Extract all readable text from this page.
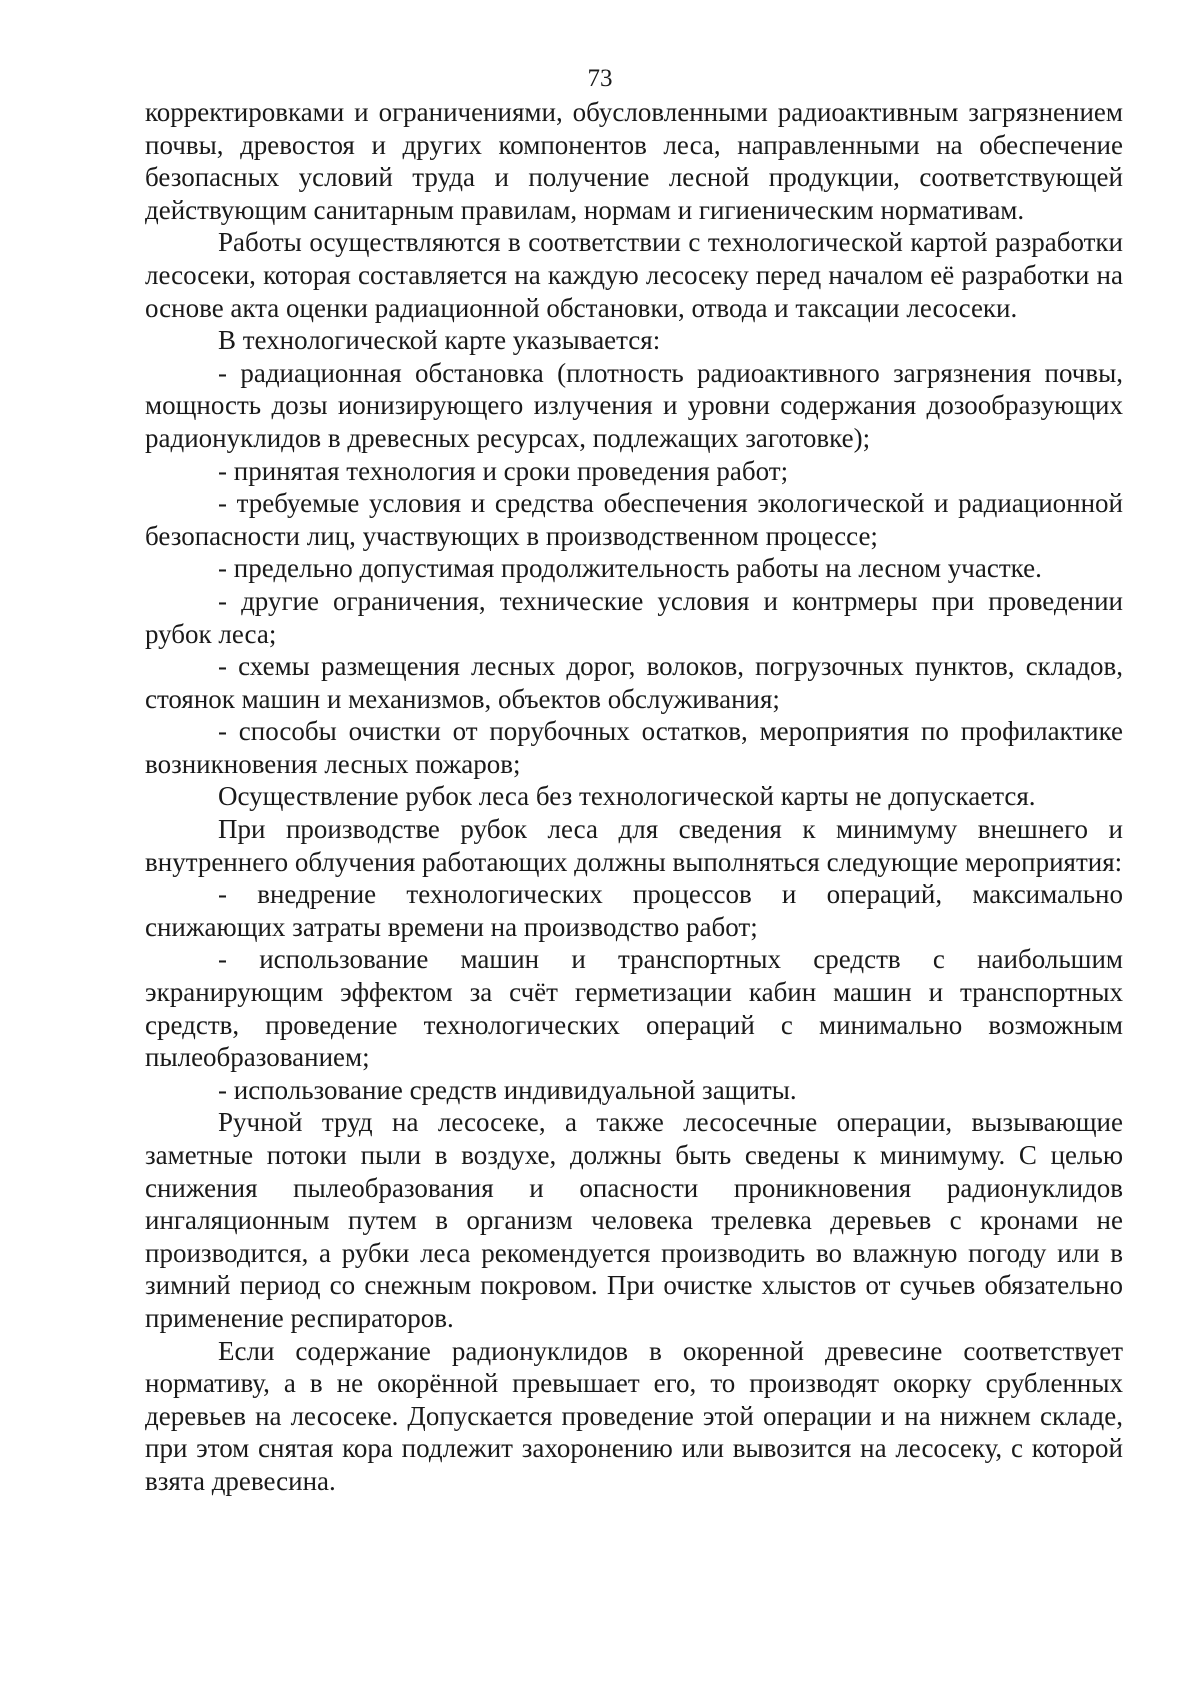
73

корректировками и ограничениями, обусловленными радиоактивным загрязнением почвы, древостоя и других компонентов леса, направленными на обеспечение безопасных условий труда и получение лесной продукции, соответствующей действующим санитарным правилам, нормам и гигиеническим нормативам.

Работы осуществляются в соответствии с технологической картой разработки лесосеки, которая составляется на каждую лесосеку перед началом её разработки на основе акта оценки радиационной обстановки, отвода и таксации лесосеки.

В технологической карте указывается:

- радиационная обстановка (плотность радиоактивного загрязнения почвы, мощность дозы ионизирующего излучения и уровни содержания дозообразующих радионуклидов в древесных ресурсах, подлежащих заготовке);

- принятая технология и сроки проведения работ;

- требуемые условия и средства обеспечения экологической и радиационной безопасности лиц, участвующих в производственном процессе;

- предельно допустимая продолжительность работы на лесном участке.

- другие ограничения, технические условия и контрмеры при проведении рубок леса;

- схемы размещения лесных дорог, волоков, погрузочных пунктов, складов, стоянок машин и механизмов, объектов обслуживания;

- способы очистки от порубочных остатков, мероприятия по профилактике возникновения лесных пожаров;

Осуществление рубок леса без технологической карты не допускается.

При производстве рубок леса для сведения к минимуму внешнего и внутреннего облучения работающих должны выполняться следующие мероприятия:

- внедрение технологических процессов и операций, максимально снижающих затраты времени на производство работ;

- использование машин и транспортных средств с наибольшим экранирующим эффектом за счёт герметизации кабин машин и транспортных средств, проведение технологических операций с минимально возможным пылеобразованием;

- использование средств индивидуальной защиты.

Ручной труд на лесосеке, а также лесосечные операции, вызывающие заметные потоки пыли в воздухе, должны быть сведены к минимуму. С целью снижения пылеобразования и опасности проникновения радионуклидов ингаляционным путем в организм человека трелевка деревьев с кронами не производится, а рубки леса рекомендуется производить во влажную погоду или в зимний период со снежным покровом. При очистке хлыстов от сучьев обязательно применение респираторов.

Если содержание радионуклидов в окоренной древесине соответствует нормативу, а в не окорённой превышает его, то производят окорку срубленных деревьев на лесосеке. Допускается проведение этой операции и на нижнем складе, при этом снятая кора подлежит захоронению или вывозится на лесосеку, с которой взята древесина.
